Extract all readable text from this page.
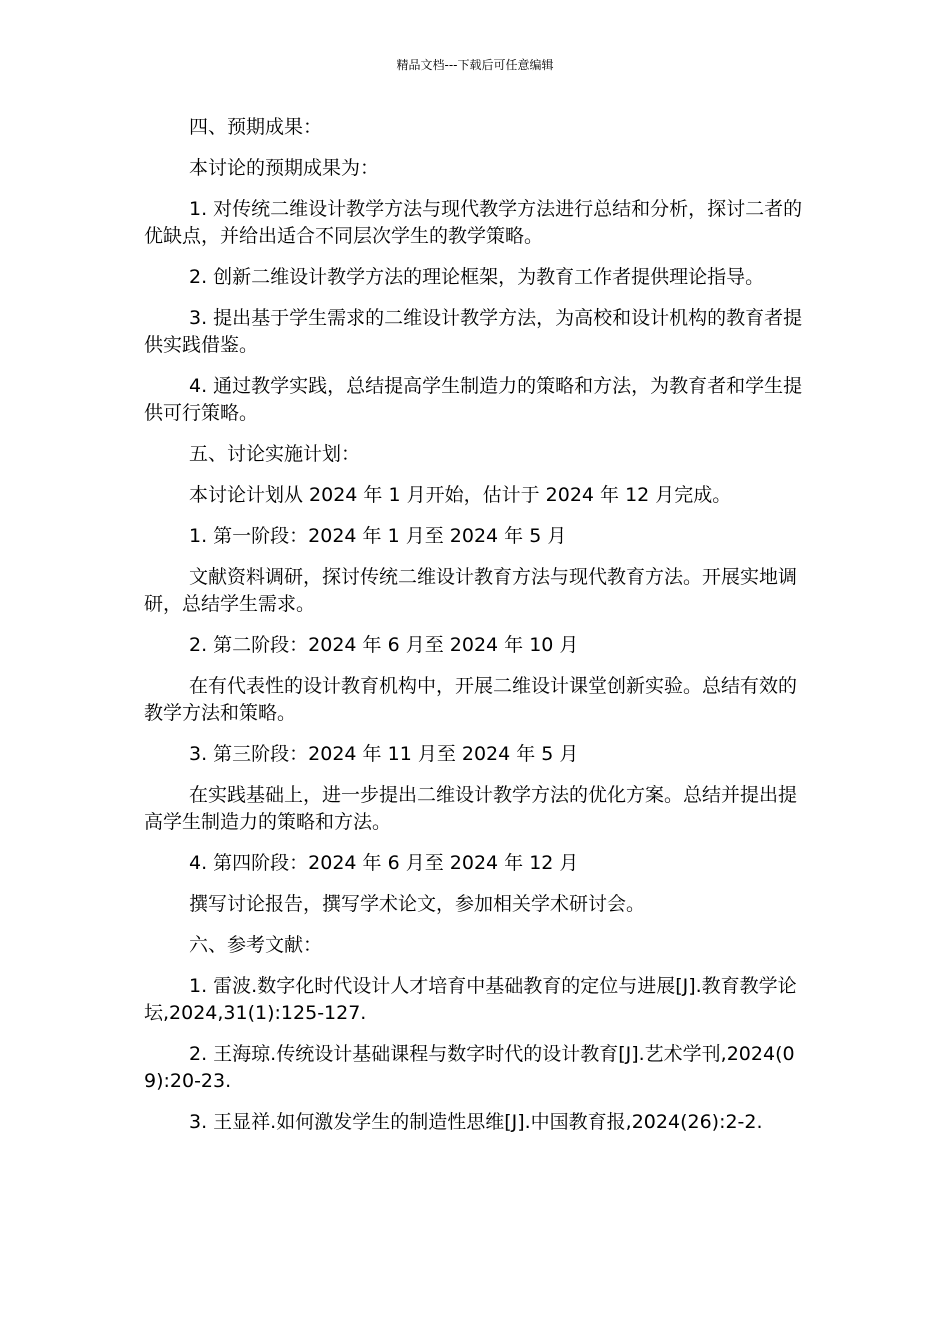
精品文档---下载后可任意编辑

四、预期成果：

本讨论的预期成果为：

1. 对传统二维设计教学方法与现代教学方法进行总结和分析，探讨二者的优缺点，并给出适合不同层次学生的教学策略。

2. 创新二维设计教学方法的理论框架，为教育工作者提供理论指导。

3. 提出基于学生需求的二维设计教学方法，为高校和设计机构的教育者提供实践借鉴。

4. 通过教学实践，总结提高学生制造力的策略和方法，为教育者和学生提供可行策略。

五、讨论实施计划：

本讨论计划从 2024 年 1 月开始，估计于 2024 年 12 月完成。

1. 第一阶段：2024 年 1 月至 2024 年 5 月

文献资料调研，探讨传统二维设计教育方法与现代教育方法。开展实地调研，总结学生需求。

2. 第二阶段：2024 年 6 月至 2024 年 10 月

在有代表性的设计教育机构中，开展二维设计课堂创新实验。总结有效的教学方法和策略。

3. 第三阶段：2024 年 11 月至 2024 年 5 月

在实践基础上，进一步提出二维设计教学方法的优化方案。总结并提出提高学生制造力的策略和方法。

4. 第四阶段：2024 年 6 月至 2024 年 12 月

撰写讨论报告，撰写学术论文，参加相关学术研讨会。

六、参考文献：

1. 雷波.数字化时代设计人才培育中基础教育的定位与进展[J].教育教学论坛,2024,31(1):125-127.

2. 王海琼.传统设计基础课程与数字时代的设计教育[J].艺术学刊,2024(09):20-23.

3. 王显祥.如何激发学生的制造性思维[J].中国教育报,2024(26):2-2.
